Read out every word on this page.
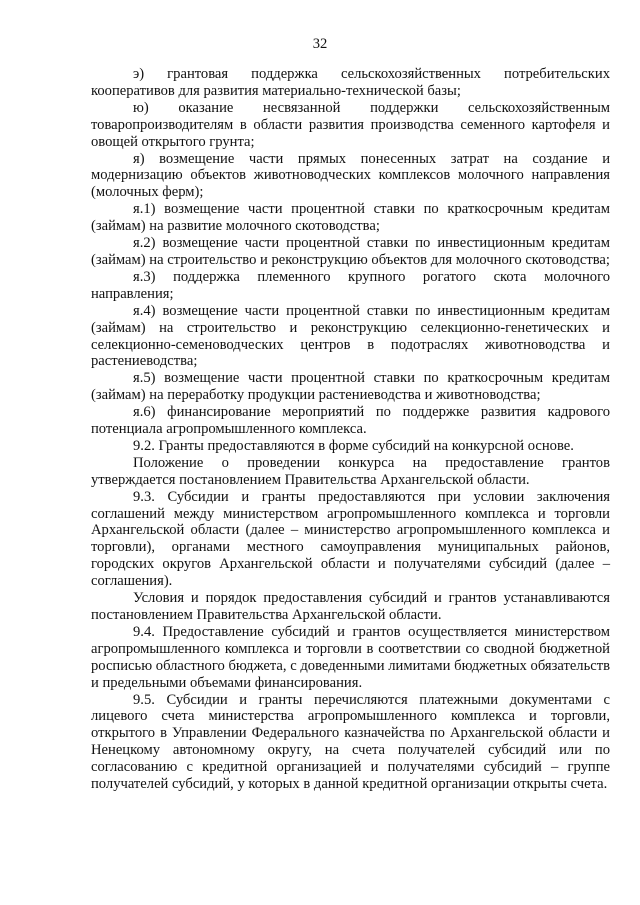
32

э) грантовая поддержка сельскохозяйственных потребительских кооперативов для развития материально-технической базы;

ю) оказание несвязанной поддержки сельскохозяйственным товаропроизводителям в области развития производства семенного картофеля и овощей открытого грунта;

я) возмещение части прямых понесенных затрат на создание и модернизацию объектов животноводческих комплексов молочного направления (молочных ферм);

я.1) возмещение части процентной ставки по краткосрочным кредитам (займам) на развитие молочного скотоводства;

я.2) возмещение части процентной ставки по инвестиционным кредитам (займам) на строительство и реконструкцию объектов для молочного скотоводства;

я.3) поддержка племенного крупного рогатого скота молочного направления;

я.4) возмещение части процентной ставки по инвестиционным кредитам (займам) на строительство и реконструкцию селекционно-генетических и селекционно-семеноводческих центров в подотраслях животноводства и растениеводства;

я.5) возмещение части процентной ставки по краткосрочным кредитам (займам) на переработку продукции растениеводства и животноводства;

я.6) финансирование мероприятий по поддержке развития кадрового потенциала агропромышленного комплекса.

9.2. Гранты предоставляются в форме субсидий на конкурсной основе.

Положение о проведении конкурса на предоставление грантов утверждается постановлением Правительства Архангельской области.

9.3. Субсидии и гранты предоставляются при условии заключения соглашений между министерством агропромышленного комплекса и торговли Архангельской области (далее – министерство агропромышленного комплекса и торговли), органами местного самоуправления муниципальных районов, городских округов Архангельской области и получателями субсидий (далее – соглашения).

Условия и порядок предоставления субсидий и грантов устанавливаются постановлением Правительства Архангельской области.

9.4. Предоставление субсидий и грантов осуществляется министерством агропромышленного комплекса и торговли в соответствии со сводной бюджетной росписью областного бюджета, с доведенными лимитами бюджетных обязательств и предельными объемами финансирования.

9.5. Субсидии и гранты перечисляются платежными документами с лицевого счета министерства агропромышленного комплекса и торговли, открытого в Управлении Федерального казначейства по Архангельской области и Ненецкому автономному округу, на счета получателей субсидий или по согласованию с кредитной организацией и получателями субсидий – группе получателей субсидий, у которых в данной кредитной организации открыты счета.
